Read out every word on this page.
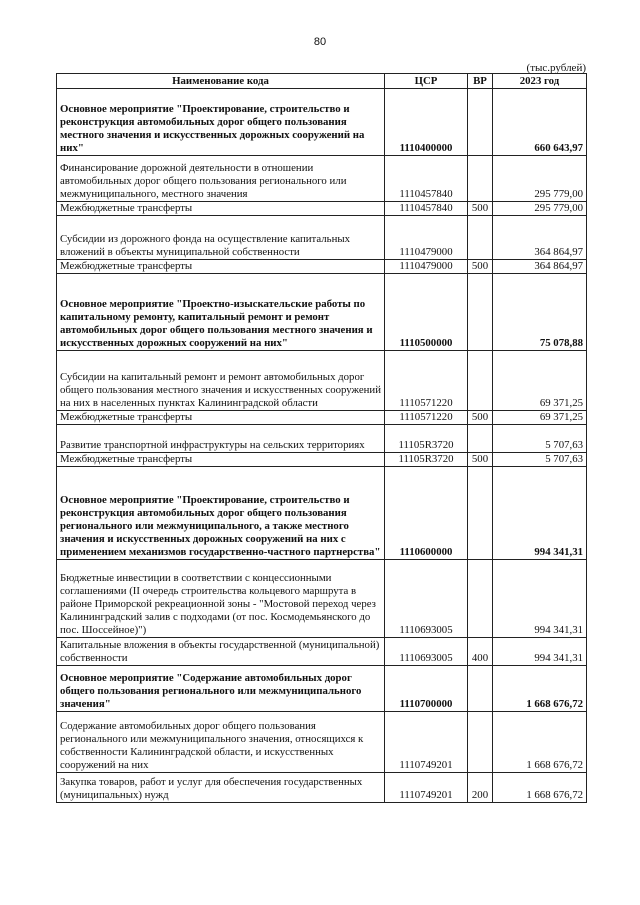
80
(тыс.рублей)
Наименование кода	ЦСР	ВР	2023 год
Основное мероприятие "Проектирование, строительство и реконструкция автомобильных дорог общего пользования местного значения и искусственных дорожных сооружений на них"	1110400000		660 643,97
Финансирование дорожной деятельности в отношении автомобильных дорог общего пользования регионального или межмуниципального, местного значения	1110457840		295 779,00
Межбюджетные трансферты	1110457840	500	295 779,00
Субсидии из дорожного фонда на осуществление капитальных вложений в объекты муниципальной собственности	1110479000		364 864,97
Межбюджетные трансферты	1110479000	500	364 864,97
Основное мероприятие "Проектно-изыскательские работы по капитальному ремонту, капитальный ремонт и ремонт автомобильных дорог общего пользования местного значения и искусственных дорожных сооружений на них"	1110500000		75 078,88
Субсидии на капитальный ремонт и ремонт автомобильных дорог общего пользования местного значения и искусственных сооружений на них в населенных пунктах Калининградской области	1110571220		69 371,25
Межбюджетные трансферты	1110571220	500	69 371,25
Развитие транспортной инфраструктуры на сельских территориях	11105R3720		5 707,63
Межбюджетные трансферты	11105R3720	500	5 707,63
Основное мероприятие "Проектирование, строительство и реконструкция автомобильных дорог общего пользования регионального или межмуниципального, а также местного значения и искусственных дорожных сооружений на них с применением механизмов государственно-частного партнерства"	1110600000		994 341,31
Бюджетные инвестиции в соответствии с концессионными соглашениями (II очередь строительства кольцевого маршрута в районе Приморской рекреационной зоны - "Мостовой переход через Калининградский залив с подходами (от пос. Космодемьянского до пос. Шоссейное)")	1110693005		994 341,31
Капитальные вложения в объекты государственной (муниципальной) собственности	1110693005	400	994 341,31
Основное мероприятие "Содержание автомобильных дорог общего пользования регионального или межмуниципального значения"	1110700000		1 668 676,72
Содержание автомобильных дорог общего пользования регионального или межмуниципального значения, относящихся к собственности Калининградской области, и искусственных сооружений на них	1110749201		1 668 676,72
Закупка товаров, работ и услуг для обеспечения государственных (муниципальных) нужд	1110749201	200	1 668 676,72
